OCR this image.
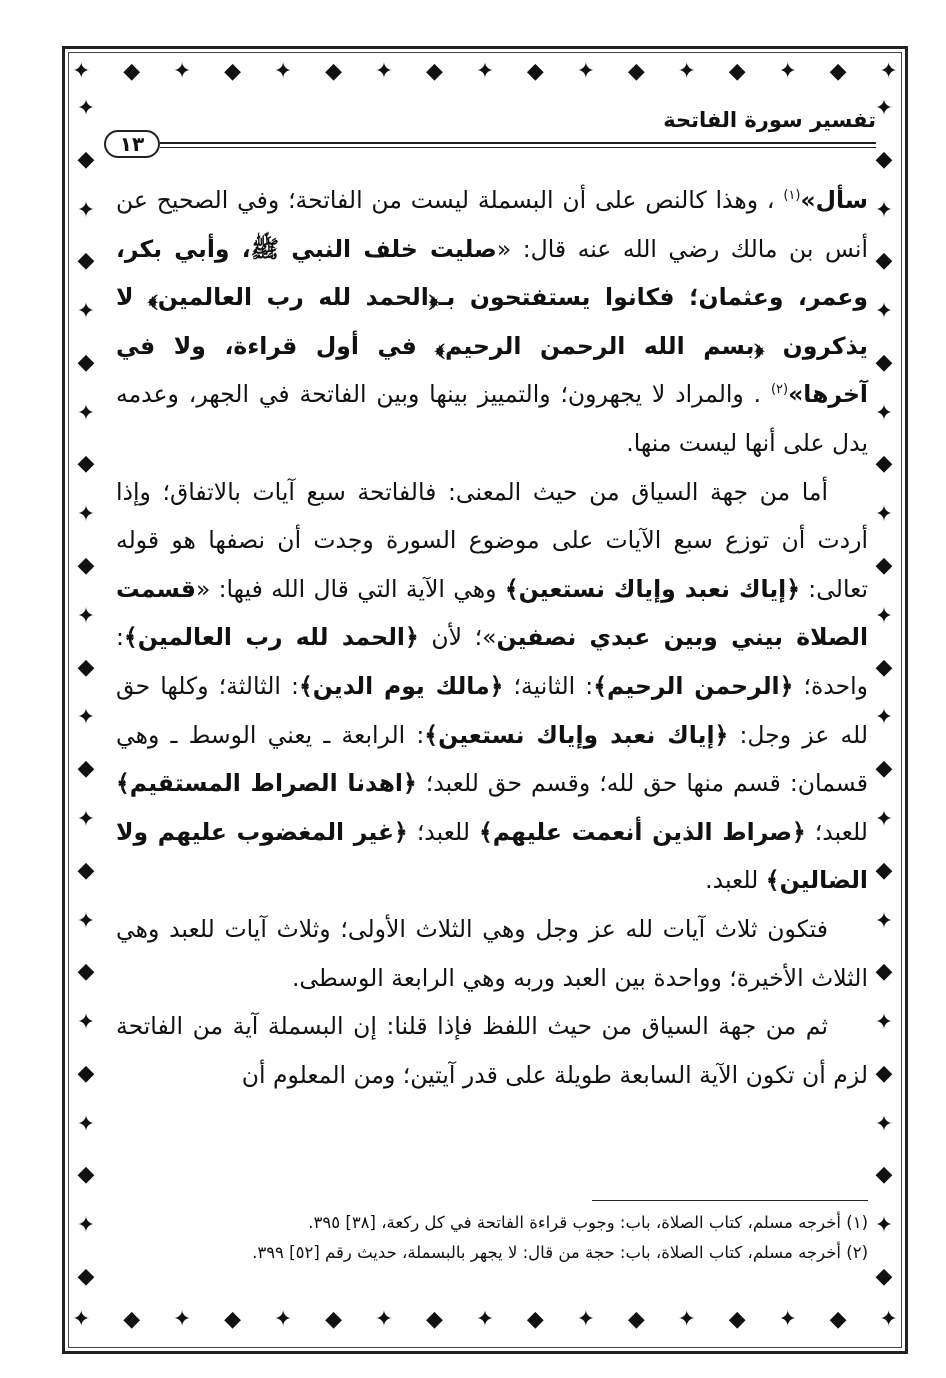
✦ ◆ ✦ ◆ ✦ ◆ ✦ ◆ ✦ ◆ ✦ ◆ ✦ ◆ ✦ ◆ ✦
✦ ◆ ✦ ◆ ✦ ◆ ✦ ◆ ✦ ◆ ✦ ◆ ✦ ◆ ✦ ◆ ✦
✦
◆
✦
◆
✦
◆
✦
◆
✦
◆
✦
◆
✦
◆
✦
◆
✦
◆
✦
◆
✦
◆
✦
◆
✦
◆
✦
◆
✦
◆
✦
◆
✦
◆
✦
◆
✦
◆
✦
◆
✦
◆
✦
◆
✦
◆
✦
◆
تفسير سورة الفاتحة
١٣

سأل»$^{(١)}$ ، وهذا كالنص على أن البسملة ليست من الفاتحة؛ وفي الصحيح عن أنس بن مالك رضي الله عنه قال: «صليت خلف النبي ﷺ، وأبي بكر، وعمر، وعثمان؛ فكانوا يستفتحون بـ﴿الحمد لله رب العالمين﴾ لا يذكرون ﴿بسم الله الرحمن الرحيم﴾ في أول قراءة، ولا في آخرها»$^{(٢)}$ . والمراد لا يجهرون؛ والتمييز بينها وبين الفاتحة في الجهر، وعدمه يدل على أنها ليست منها.

أما من جهة السياق من حيث المعنى: فالفاتحة سبع آيات بالاتفاق؛ وإذا أردت أن توزع سبع الآيات على موضوع السورة وجدت أن نصفها هو قوله تعالى: ﴿إياك نعبد وإياك نستعين﴾ وهي الآية التي قال الله فيها: «قسمت الصلاة بيني وبين عبدي نصفين»؛ لأن ﴿الحمد لله رب العالمين﴾: واحدة؛ ﴿الرحمن الرحيم﴾: الثانية؛ ﴿مالك يوم الدين﴾: الثالثة؛ وكلها حق لله عز وجل: ﴿إياك نعبد وإياك نستعين﴾: الرابعة ـ يعني الوسط ـ وهي قسمان: قسم منها حق لله؛ وقسم حق للعبد؛ ﴿اهدنا الصراط المستقيم﴾ للعبد؛ ﴿صراط الذين أنعمت عليهم﴾ للعبد؛ ﴿غير المغضوب عليهم ولا الضالين﴾ للعبد.

فتكون ثلاث آيات لله عز وجل وهي الثلاث الأولى؛ وثلاث آيات للعبد وهي الثلاث الأخيرة؛ وواحدة بين العبد وربه وهي الرابعة الوسطى.

ثم من جهة السياق من حيث اللفظ فإذا قلنا: إن البسملة آية من الفاتحة لزم أن تكون الآية السابعة طويلة على قدر آيتين؛ ومن المعلوم أن

(١) أخرجه مسلم، كتاب الصلاة، باب: وجوب قراءة الفاتحة في كل ركعة، [٣٨] ٣٩٥.

(٢) أخرجه مسلم، كتاب الصلاة، باب: حجة من قال: لا يجهر بالبسملة، حديث رقم [٥٢] ٣٩٩.
